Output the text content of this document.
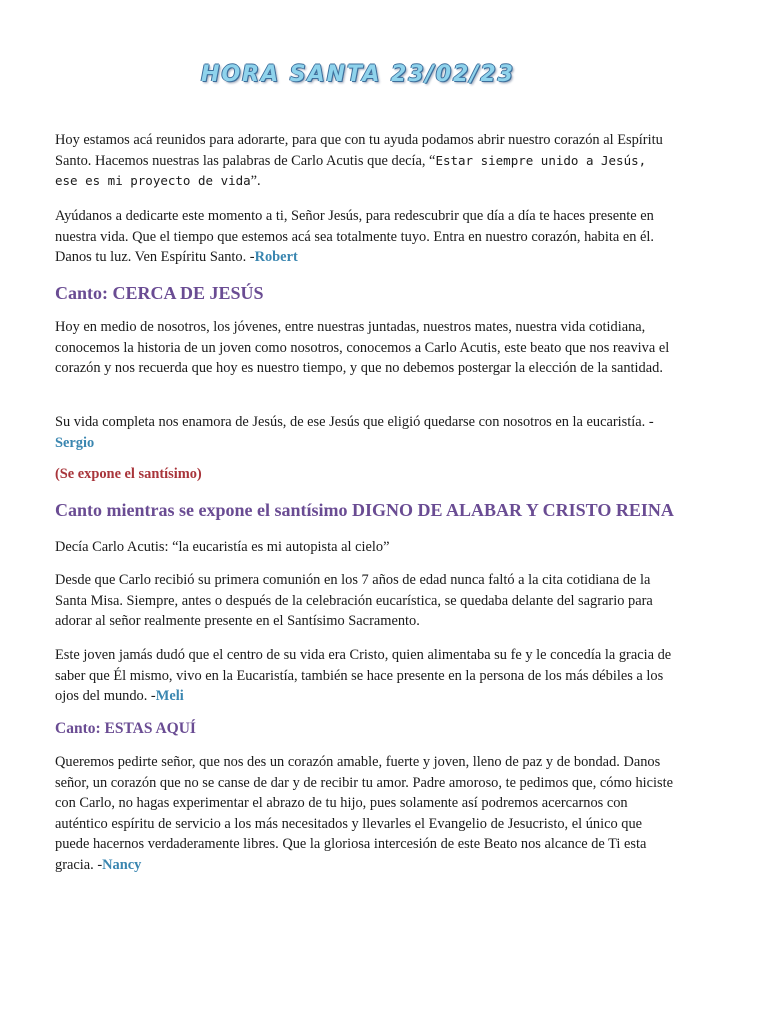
HORA SANTA 23/02/23
Hoy estamos acá reunidos para adorarte, para que con tu ayuda podamos abrir nuestro corazón al Espíritu Santo. Hacemos nuestras las palabras de Carlo Acutis que decía, “Estar siempre unido a Jesús, ese es mi proyecto de vida”.
Ayúdanos a dedicarte este momento a ti, Señor Jesús, para redescubrir que día a día te haces presente en nuestra vida. Que el tiempo que estemos acá sea totalmente tuyo. Entra en nuestro corazón, habita en él. Danos tu luz. Ven Espíritu Santo. -Robert
Canto: CERCA DE JESÚS
Hoy en medio de nosotros, los jóvenes, entre nuestras juntadas, nuestros mates, nuestra vida cotidiana, conocemos la historia de un joven como nosotros, conocemos a Carlo Acutis, este beato que nos reaviva el corazón y nos recuerda que hoy es nuestro tiempo, y que no debemos postergar la elección de la santidad.
Su vida completa nos enamora de Jesús, de ese Jesús que eligió quedarse con nosotros en la eucaristía. -Sergio
(Se expone el santísimo)
Canto mientras se expone el santísimo DIGNO DE ALABAR Y CRISTO REINA
Decía Carlo Acutis: “la eucaristía es mi autopista al cielo”
Desde que Carlo recibió su primera comunión en los 7 años de edad nunca faltó a la cita cotidiana de la Santa Misa. Siempre, antes o después de la celebración eucarística, se quedaba delante del sagrario para adorar al señor realmente presente en el Santísimo Sacramento.
Este joven jamás dudó que el centro de su vida era Cristo, quien alimentaba su fe y le concedía la gracia de saber que Él mismo, vivo en la Eucaristía, también se hace presente en la persona de los más débiles a los ojos del mundo. -Meli
Canto: ESTAS AQUÍ
Queremos pedirte señor, que nos des un corazón amable, fuerte y joven, lleno de paz y de bondad. Danos señor, un corazón que no se canse de dar y de recibir tu amor. Padre amoroso, te pedimos que, cómo hiciste con Carlo, no hagas experimentar el abrazo de tu hijo, pues solamente así podremos acercarnos con auténtico espíritu de servicio a los más necesitados y llevarles el Evangelio de Jesucristo, el único que puede hacernos verdaderamente libres. Que la gloriosa intercesión de este Beato nos alcance de Ti esta gracia. -Nancy
